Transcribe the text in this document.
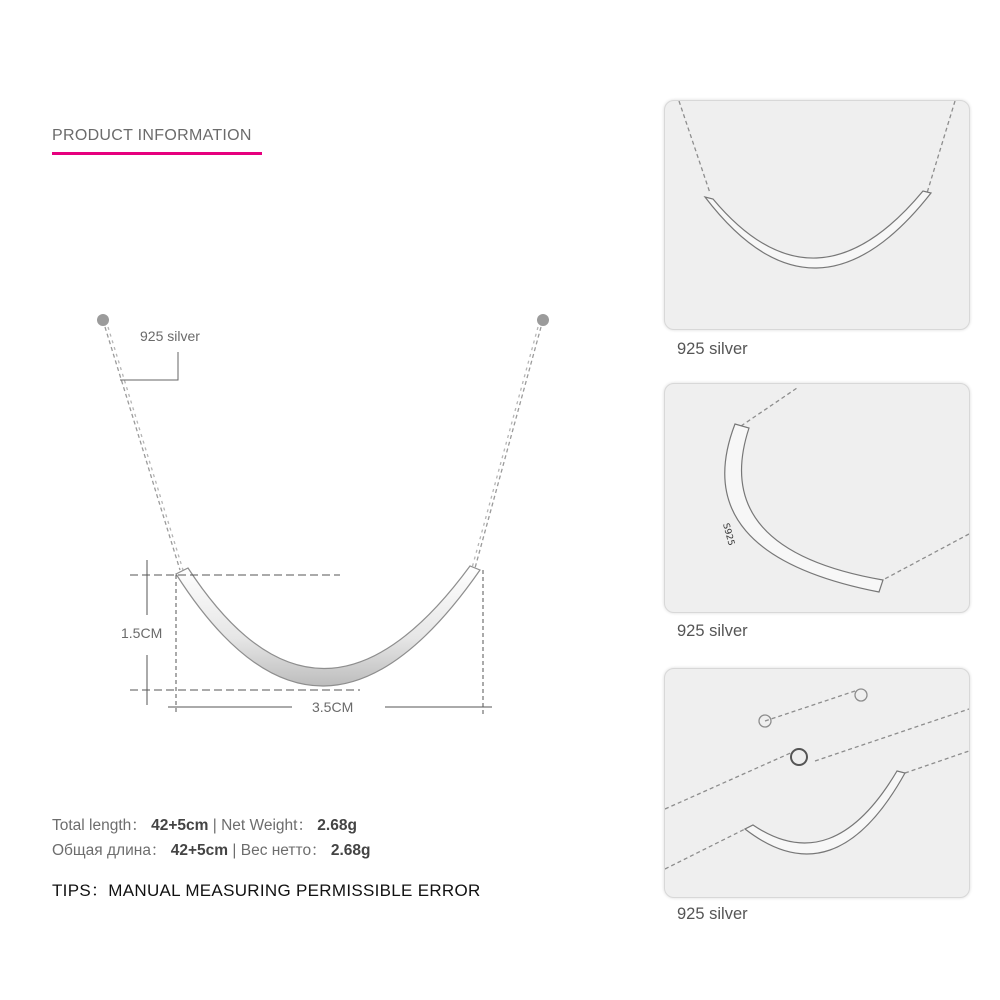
PRODUCT INFORMATION
925 silver
1.5CM
3.5CM
Total length： 42+5cm | Net Weight： 2.68g
Общая длина： 42+5cm | Вес нетто： 2.68g
TIPS：MANUAL MEASURING PERMISSIBLE ERROR
925 silver
S925
925 silver
925 silver
